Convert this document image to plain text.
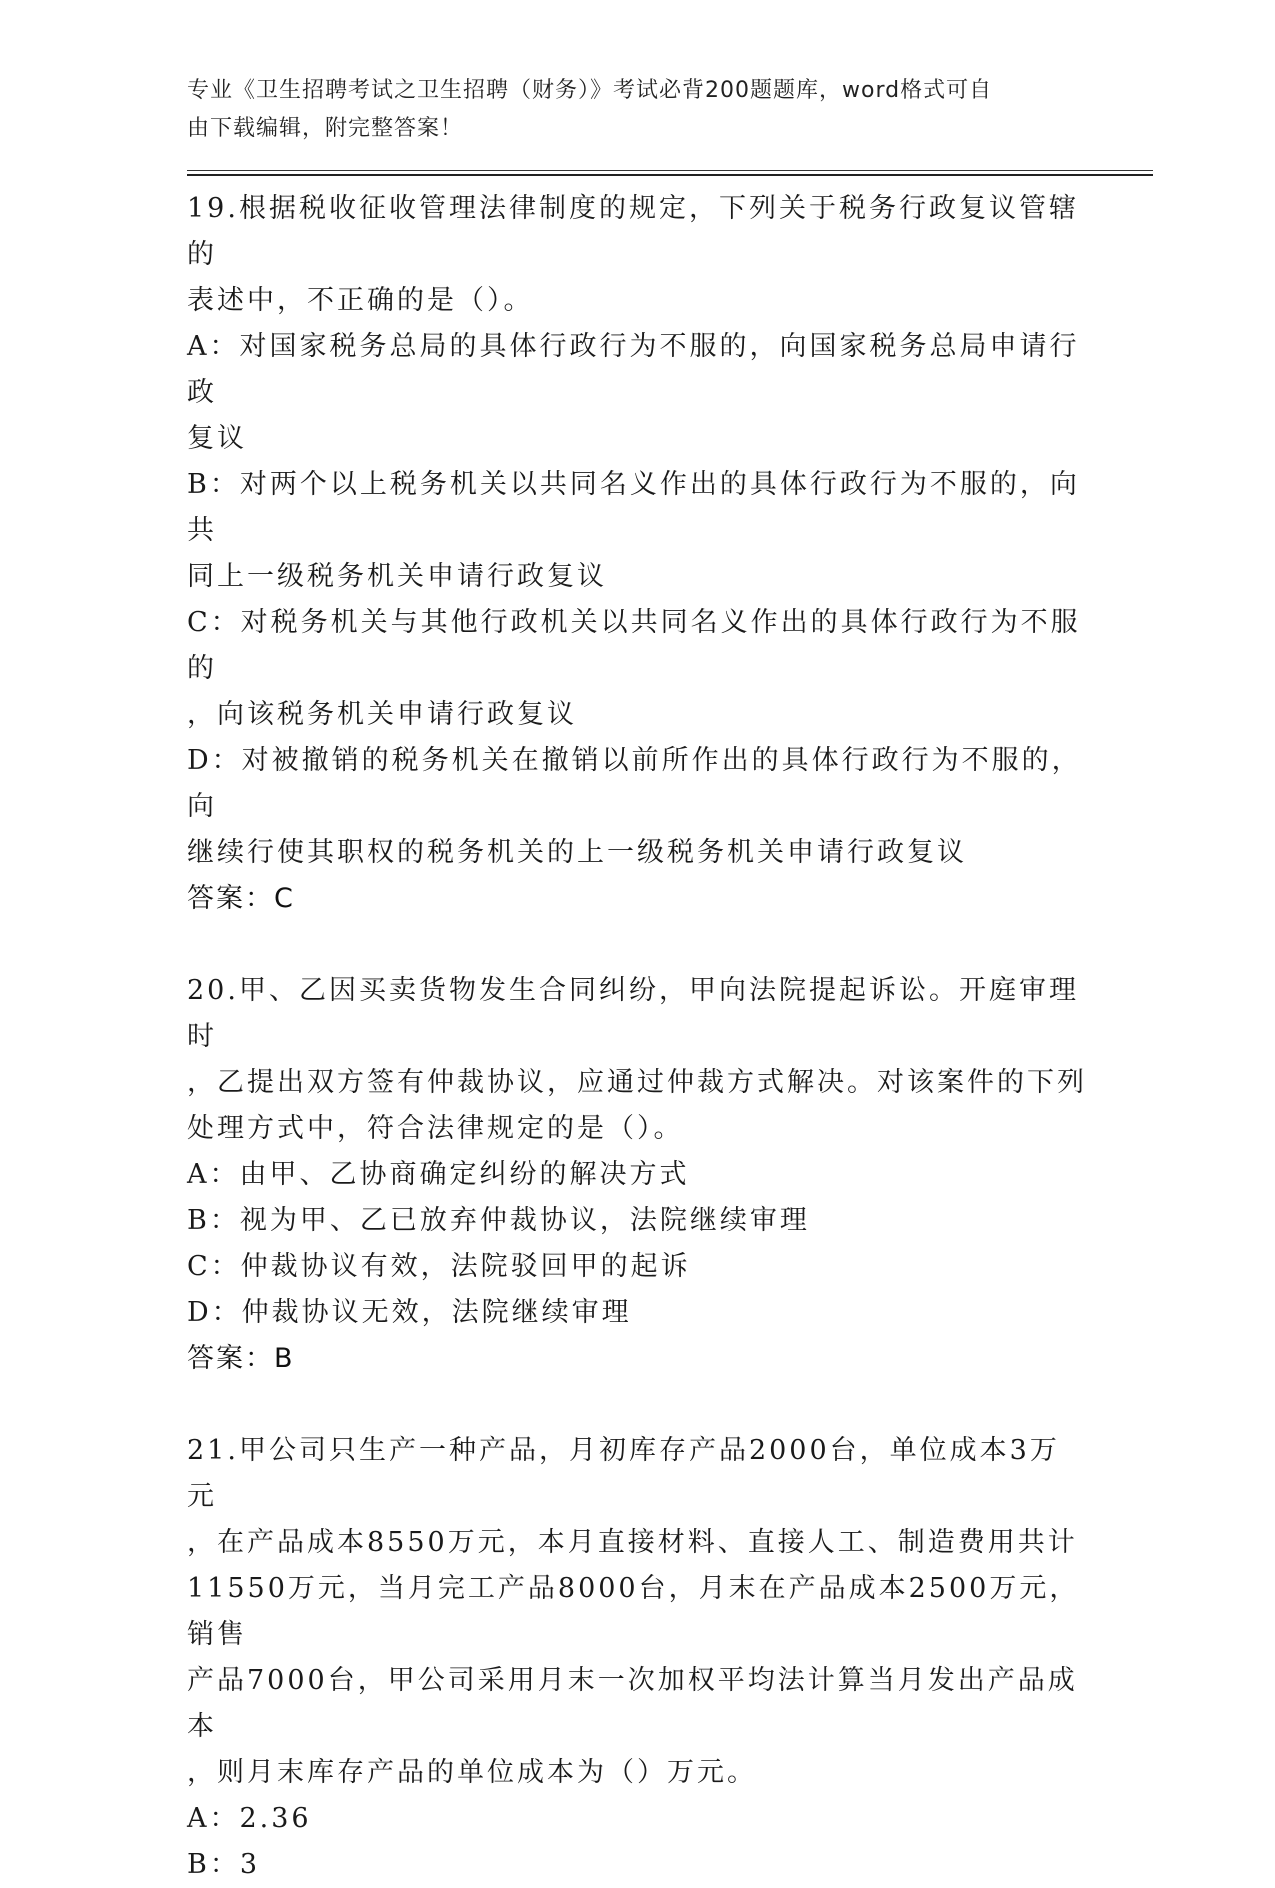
专业《卫生招聘考试之卫生招聘（财务）》考试必背200题题库，word格式可自
由下载编辑，附完整答案！
19.根据税收征收管理法律制度的规定，下列关于税务行政复议管辖的
表述中，不正确的是（）。
A：对国家税务总局的具体行政行为不服的，向国家税务总局申请行政
复议
B：对两个以上税务机关以共同名义作出的具体行政行为不服的，向共
同上一级税务机关申请行政复议
C：对税务机关与其他行政机关以共同名义作出的具体行政行为不服的
，向该税务机关申请行政复议
D：对被撤销的税务机关在撤销以前所作出的具体行政行为不服的，向
继续行使其职权的税务机关的上一级税务机关申请行政复议
答案：C
20.甲、乙因买卖货物发生合同纠纷，甲向法院提起诉讼。开庭审理时
，乙提出双方签有仲裁协议，应通过仲裁方式解决。对该案件的下列
处理方式中，符合法律规定的是（）。
A：由甲、乙协商确定纠纷的解决方式
B：视为甲、乙已放弃仲裁协议，法院继续审理
C：仲裁协议有效，法院驳回甲的起诉
D：仲裁协议无效，法院继续审理
答案：B
21.甲公司只生产一种产品，月初库存产品2000台，单位成本3万元
，在产品成本8550万元，本月直接材料、直接人工、制造费用共计
11550万元，当月完工产品8000台，月末在产品成本2500万元，销售
产品7000台，甲公司采用月末一次加权平均法计算当月发出产品成本
，则月末库存产品的单位成本为（）万元。
A：2.36
B：3
